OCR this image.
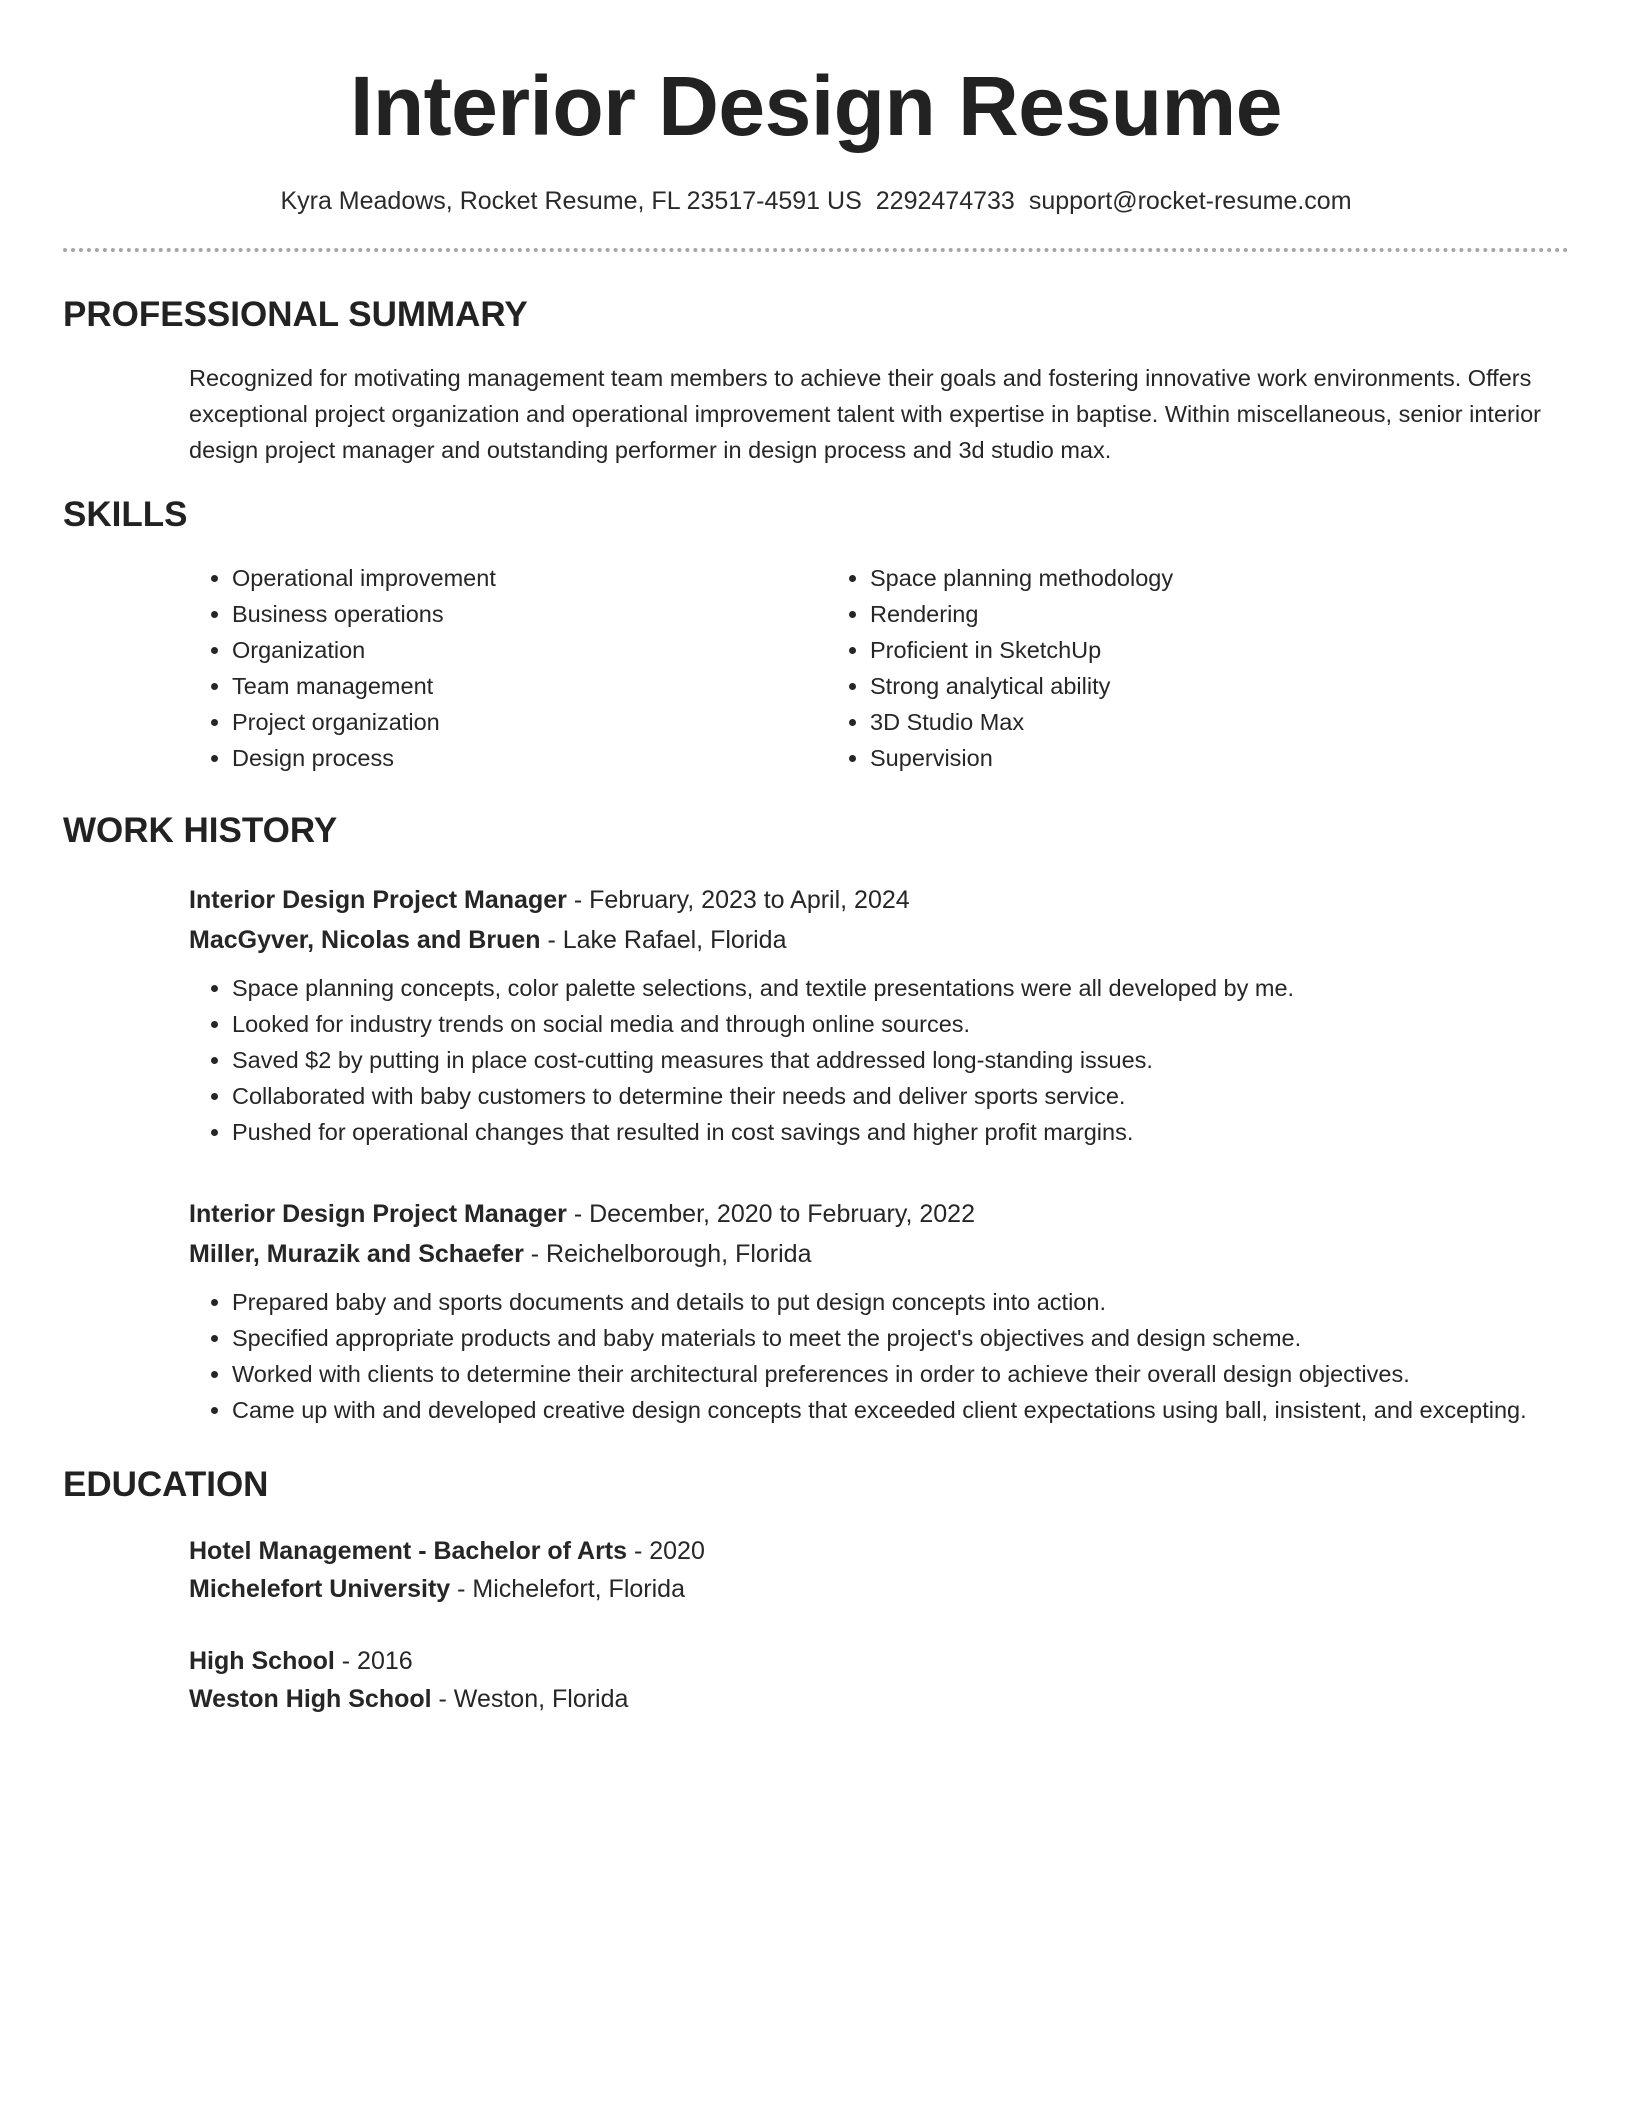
Interior Design Resume
Kyra Meadows, Rocket Resume, FL 23517-4591 US 2292474733 support@rocket-resume.com
PROFESSIONAL SUMMARY
Recognized for motivating management team members to achieve their goals and fostering innovative work environments. Offers exceptional project organization and operational improvement talent with expertise in baptise. Within miscellaneous, senior interior design project manager and outstanding performer in design process and 3d studio max.
SKILLS
• Operational improvement
• Business operations
• Organization
• Team management
• Project organization
• Design process
• Space planning methodology
• Rendering
• Proficient in SketchUp
• Strong analytical ability
• 3D Studio Max
• Supervision
WORK HISTORY
Interior Design Project Manager - February, 2023 to April, 2024
MacGyver, Nicolas and Bruen - Lake Rafael, Florida
• Space planning concepts, color palette selections, and textile presentations were all developed by me.
• Looked for industry trends on social media and through online sources.
• Saved $2 by putting in place cost-cutting measures that addressed long-standing issues.
• Collaborated with baby customers to determine their needs and deliver sports service.
• Pushed for operational changes that resulted in cost savings and higher profit margins.
Interior Design Project Manager - December, 2020 to February, 2022
Miller, Murazik and Schaefer - Reichelborough, Florida
• Prepared baby and sports documents and details to put design concepts into action.
• Specified appropriate products and baby materials to meet the project's objectives and design scheme.
• Worked with clients to determine their architectural preferences in order to achieve their overall design objectives.
• Came up with and developed creative design concepts that exceeded client expectations using ball, insistent, and excepting.
EDUCATION
Hotel Management - Bachelor of Arts - 2020
Michelefort University - Michelefort, Florida
High School - 2016
Weston High School - Weston, Florida
